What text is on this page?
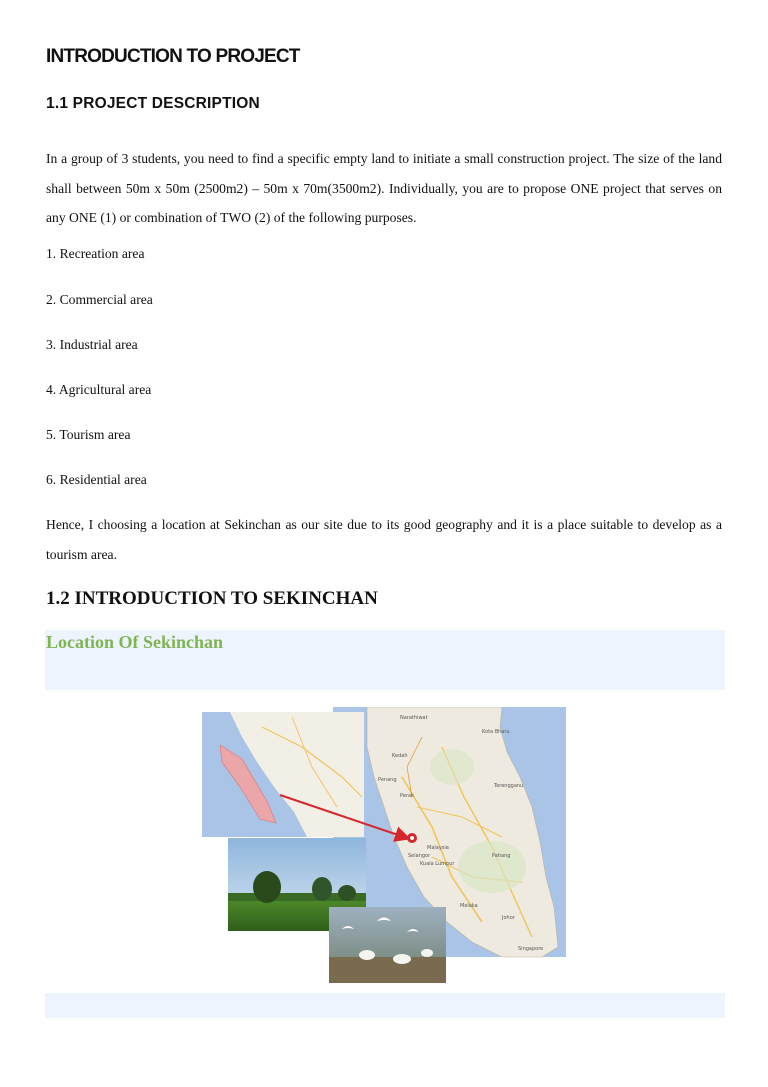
INTRODUCTION TO PROJECT
1.1 PROJECT DESCRIPTION
In a group of 3 students, you need to find a specific empty land to initiate a small construction project. The size of the land shall between 50m x 50m (2500m2) – 50m x 70m(3500m2). Individually, you are to propose ONE project that serves on any ONE (1) or combination of TWO (2) of the following purposes.
1. Recreation area
2. Commercial area
3. Industrial area
4. Agricultural area
5. Tourism area
6. Residential area
Hence, I choosing a location at Sekinchan as our site due to its good geography and it is a place suitable to develop as a tourism area.
1.2 INTRODUCTION TO SEKINCHAN
Location Of Sekinchan
Narathiwat
Kota Bharu
Terengganu
Pahang
Malaysia
Kuala Lumpur
Selangor
Melaka
Johor
Singapore
Perak
Kedah
Penang
